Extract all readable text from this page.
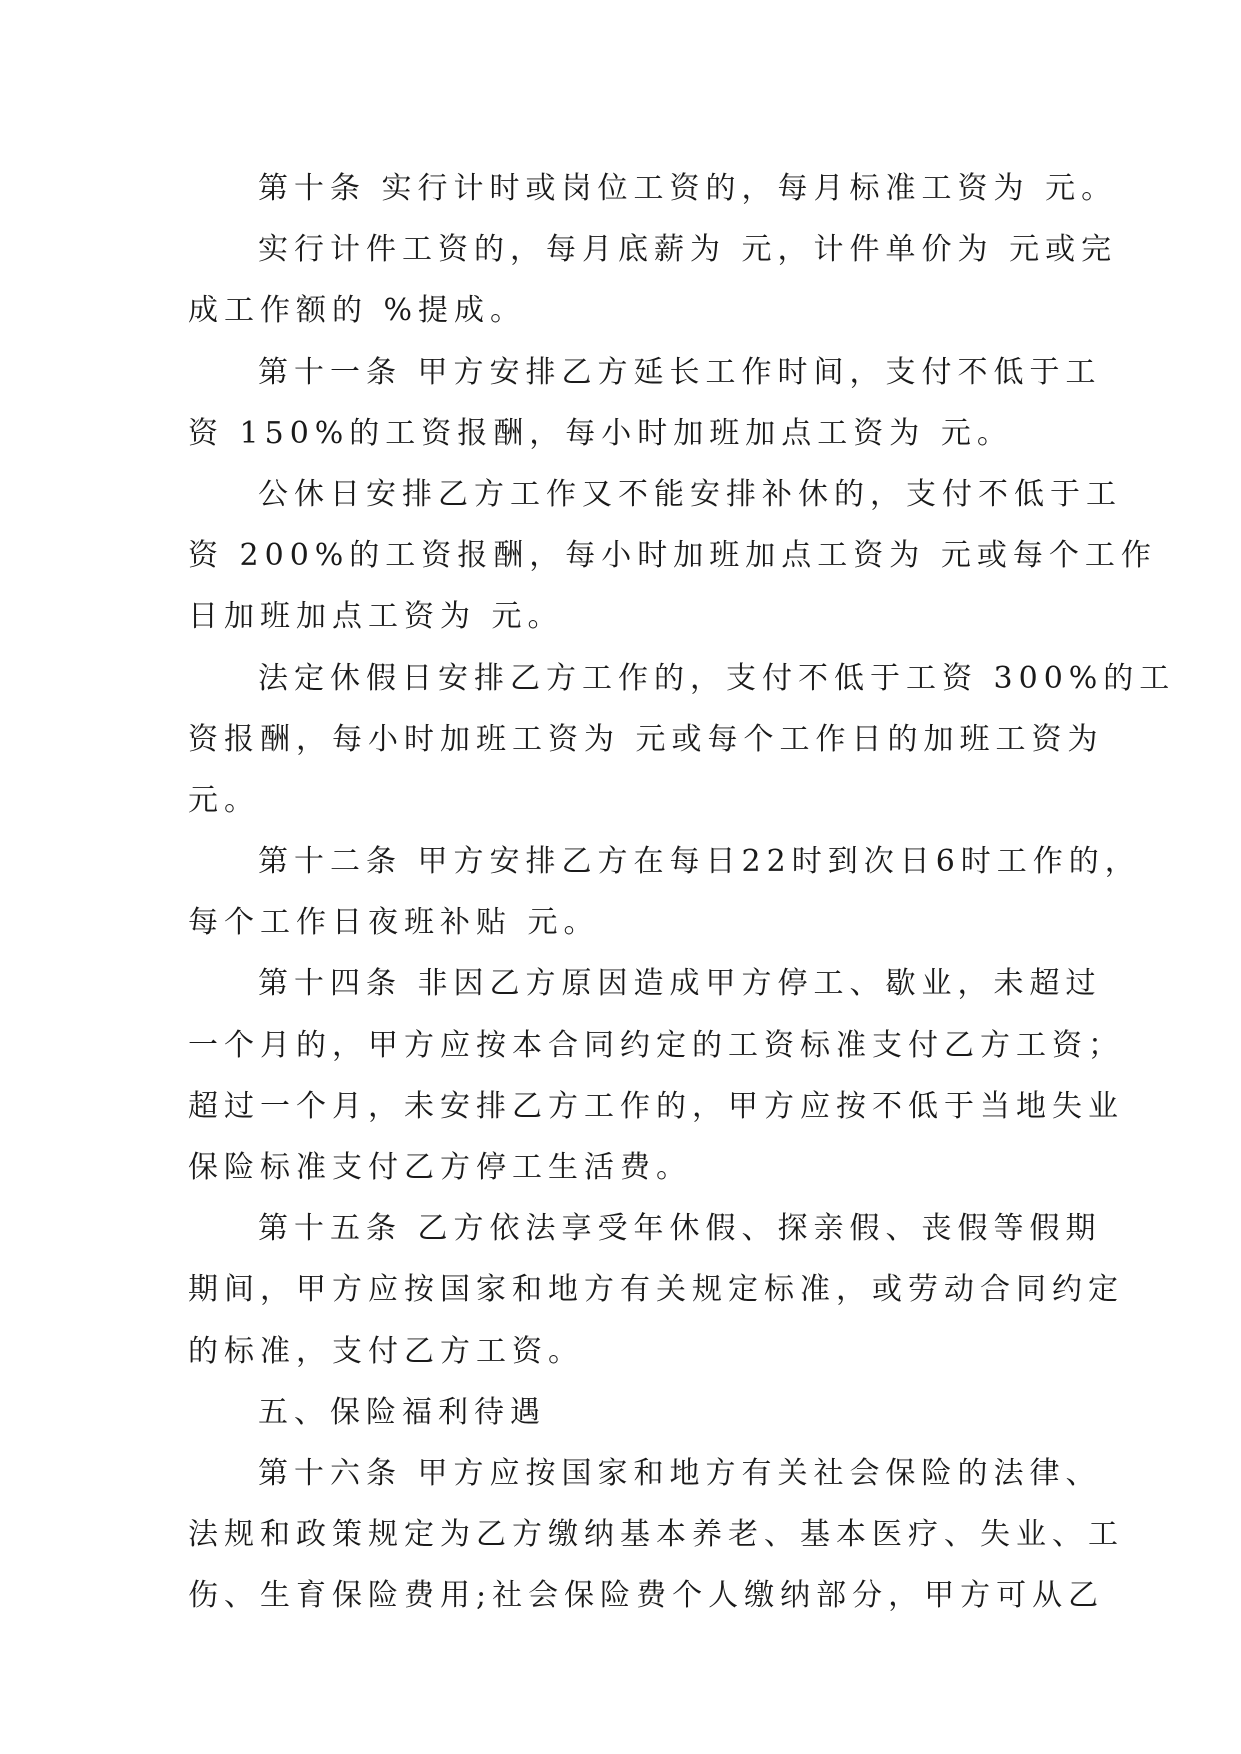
第十条 实行计时或岗位工资的，每月标准工资为 元。
实行计件工资的，每月底薪为 元，计件单价为 元或完
成工作额的 %提成。
第十一条 甲方安排乙方延长工作时间，支付不低于工
资 150%的工资报酬，每小时加班加点工资为 元。
公休日安排乙方工作又不能安排补休的，支付不低于工
资 200%的工资报酬，每小时加班加点工资为 元或每个工作
日加班加点工资为 元。
法定休假日安排乙方工作的，支付不低于工资 300%的工
资报酬，每小时加班工资为 元或每个工作日的加班工资为
元。
第十二条 甲方安排乙方在每日22时到次日6时工作的，
每个工作日夜班补贴 元。
第十四条 非因乙方原因造成甲方停工、歇业，未超过
一个月的，甲方应按本合同约定的工资标准支付乙方工资；
超过一个月，未安排乙方工作的，甲方应按不低于当地失业
保险标准支付乙方停工生活费。
第十五条 乙方依法享受年休假、探亲假、丧假等假期
期间，甲方应按国家和地方有关规定标准，或劳动合同约定
的标准，支付乙方工资。
五、保险福利待遇
第十六条 甲方应按国家和地方有关社会保险的法律、
法规和政策规定为乙方缴纳基本养老、基本医疗、失业、工
伤、生育保险费用;社会保险费个人缴纳部分，甲方可从乙
